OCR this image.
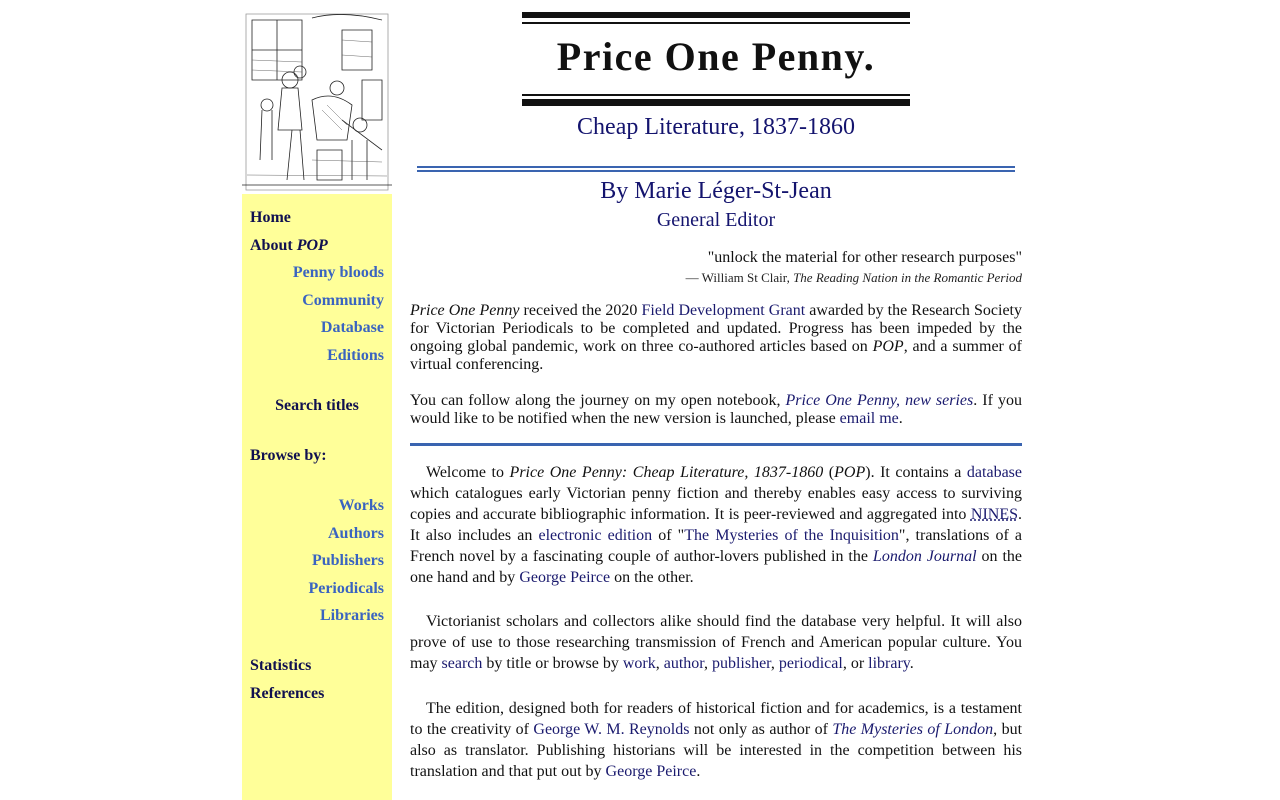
Home
About POP
Penny bloods
Community
Database
Editions
Search titles
Browse by:
Works
Authors
Publishers
Periodicals
Libraries
Statistics
References
Price One Penny.
Cheap Literature, 1837-1860
By Marie Léger-St-Jean
General Editor
"unlock the material for other research purposes"
— William St Clair, The Reading Nation in the Romantic Period

Price One Penny received the 2020 Field Development Grant awarded by the Research Society for Victorian Periodicals to be completed and updated. Progress has been impeded by the ongoing global pandemic, work on three co-authored articles based on POP, and a summer of virtual conferencing.

You can follow along the journey on my open notebook, Price One Penny, new series. If you would like to be notified when the new version is launched, please email me.

Welcome to Price One Penny: Cheap Literature, 1837-1860 (POP). It contains a database which catalogues early Victorian penny fiction and thereby enables easy access to surviving copies and accurate bibliographic information. It is peer-reviewed and aggregated into NINES. It also includes an electronic edition of "The Mysteries of the Inquisition", translations of a French novel by a fascinating couple of author-lovers published in the London Journal on the one hand and by George Peirce on the other.

Victorianist scholars and collectors alike should find the database very helpful. It will also prove of use to those researching transmission of French and American popular culture. You may search by title or browse by work, author, publisher, periodical, or library.

The edition, designed both for readers of historical fiction and for academics, is a testament to the creativity of George W. M. Reynolds not only as author of The Mysteries of London, but also as translator. Publishing historians will be interested in the competition between his translation and that put out by George Peirce.
